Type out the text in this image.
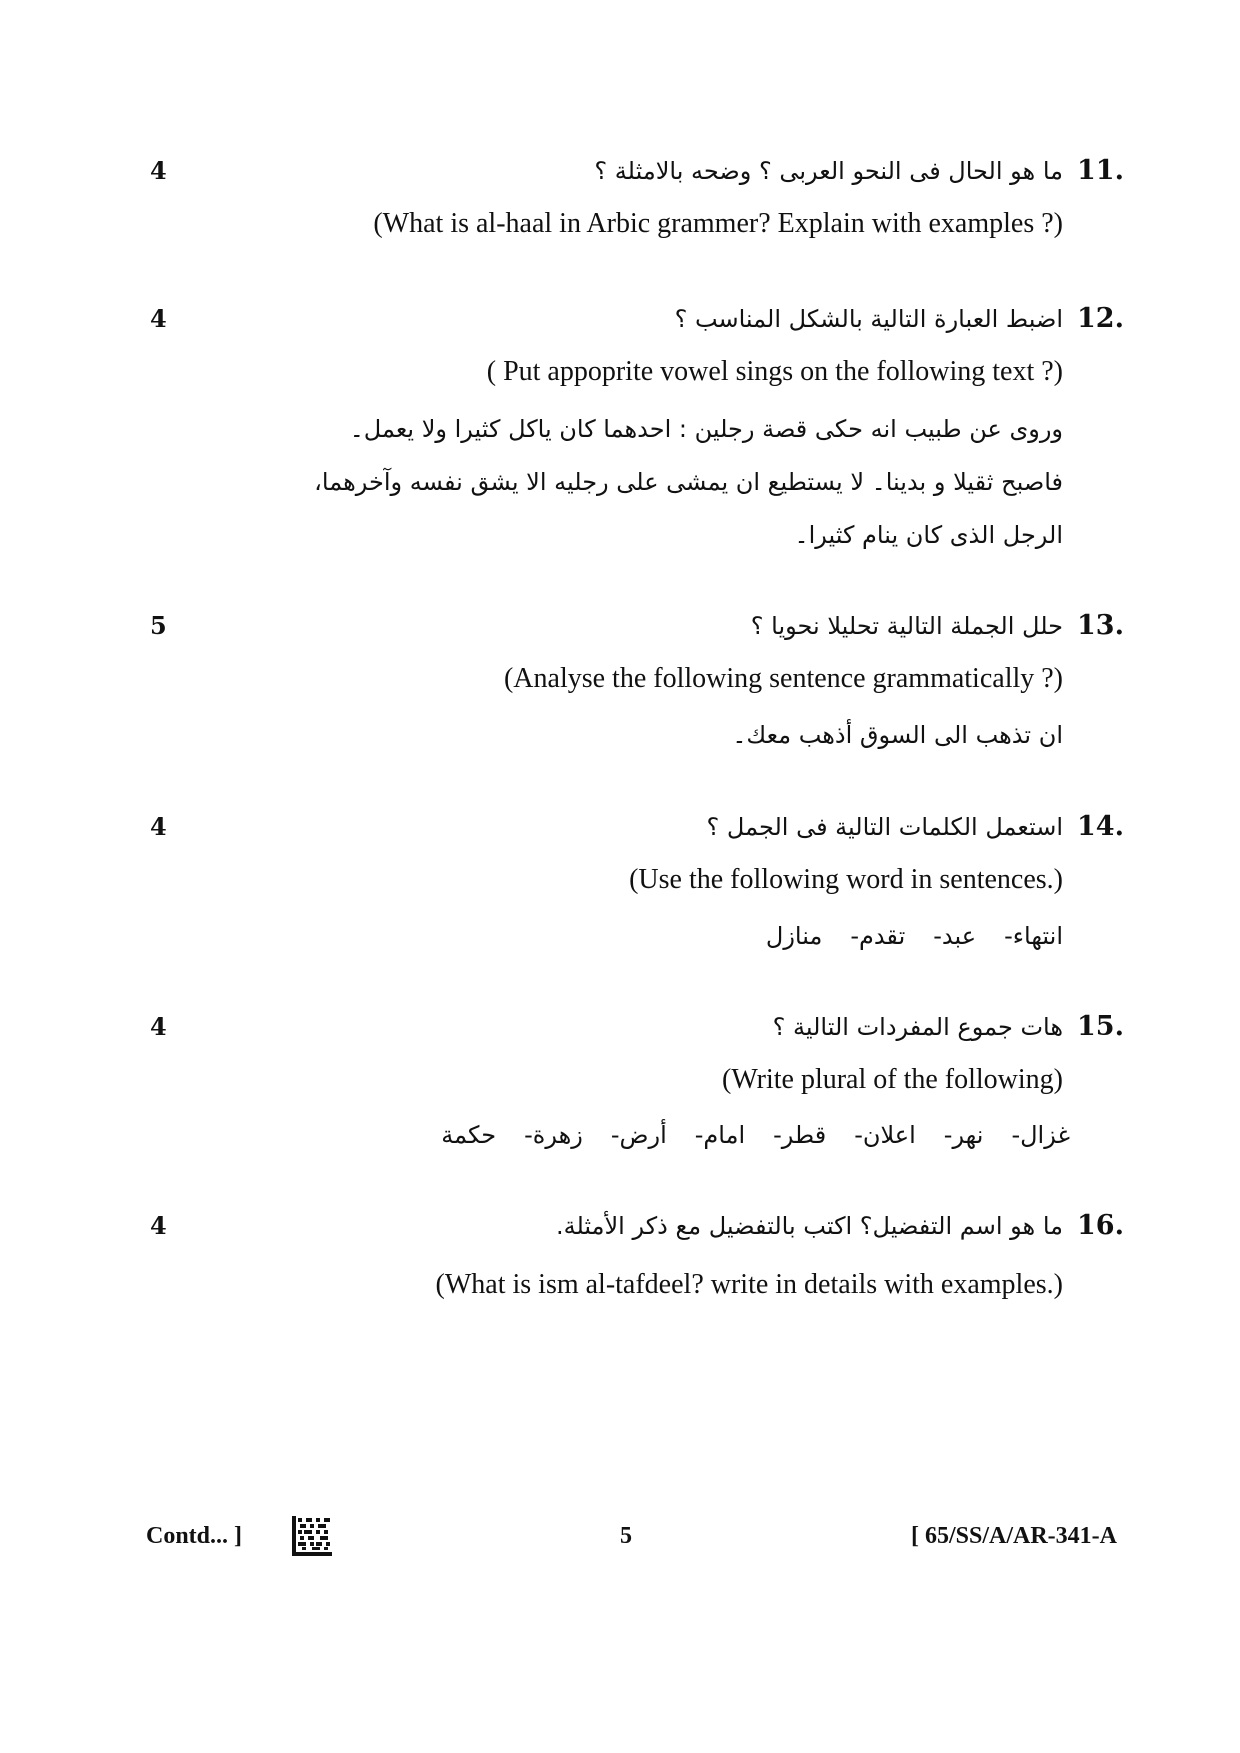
4	11.
ما هو الحال فى النحو العربى ؟ وضحه بالامثلة ؟
(What is al-haal in Arbic grammer? Explain with examples ?)
4	12.
اضبط العبارة التالية بالشكل المناسب ؟
( Put appoprite vowel sings on the following text ?)
وروى عن طبيب انه حكى قصة رجلين : احدهما كان ياكل كثيرا ولا يعمل۔
فاصبح ثقيلا و بدينا۔ لا يستطيع ان يمشى على رجليه الا يشق نفسه وآخرهما،
الرجل الذى كان ينام كثيرا۔
5	13.
حلل الجملة التالية تحليلا نحويا ؟
(Analyse the following sentence grammatically ?)
ان تذهب الى السوق أذهب معك۔
4	14.
استعمل الكلمات التالية فى الجمل ؟
(Use the following word in sentences.)
انتهاء-عبد-تقدم-منازل
4	15.
هات جموع المفردات التالية ؟
(Write plural of the following)
غزال-نهر-اعلان-قطر-امام-أرض-زهرة-حكمة
4	16.
ما هو اسم التفضيل؟ اكتب بالتفضيل مع ذكر الأمثلة.
(What is ism al-tafdeel? write in details with examples.)
Contd... ]	5	[ 65/SS/A/AR-341-A
